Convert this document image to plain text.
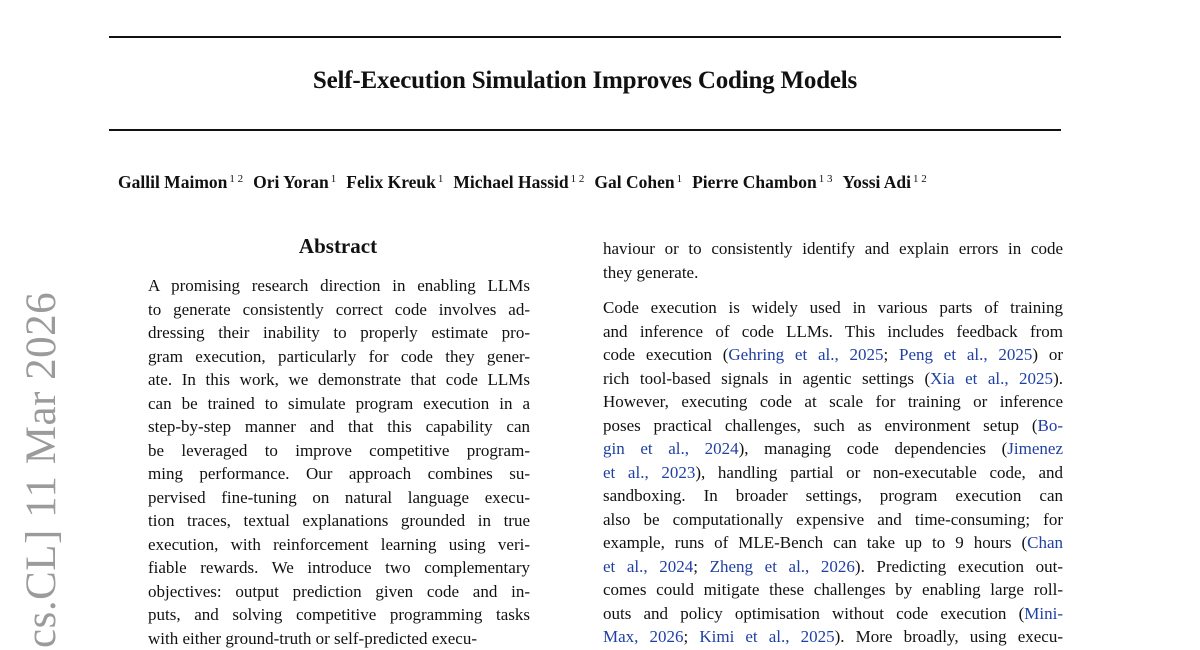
Self-Execution Simulation Improves Coding Models
Gallil Maimon $^{1 2}$ Ori Yoran $^1$ Felix Kreuk $^1$ Michael Hassid $^{1 2}$ Gal Cohen $^1$ Pierre Chambon $^{1 3}$ Yossi Adi $^{1 2}$
cs.CL] 11 Mar 2026
Abstract
A promising research direction in enabling LLMs
to generate consistently correct code involves ad-
dressing their inability to properly estimate pro-
gram execution, particularly for code they gener-
ate. In this work, we demonstrate that code LLMs
can be trained to simulate program execution in a
step-by-step manner and that this capability can
be leveraged to improve competitive program-
ming performance. Our approach combines su-
pervised fine-tuning on natural language execu-
tion traces, textual explanations grounded in true
execution, with reinforcement learning using veri-
fiable rewards. We introduce two complementary
objectives: output prediction given code and in-
puts, and solving competitive programming tasks
with either ground-truth or self-predicted execu-
haviour or to consistently identify and explain errors in code
they generate.
Code execution is widely used in various parts of training
and inference of code LLMs. This includes feedback from
code execution (Gehring et al., 2025; Peng et al., 2025) or
rich tool-based signals in agentic settings (Xia et al., 2025).
However, executing code at scale for training or inference
poses practical challenges, such as environment setup (Bo-
gin et al., 2024), managing code dependencies (Jimenez
et al., 2023), handling partial or non-executable code, and
sandboxing. In broader settings, program execution can
also be computationally expensive and time-consuming; for
example, runs of MLE-Bench can take up to 9 hours (Chan
et al., 2024; Zheng et al., 2026). Predicting execution out-
comes could mitigate these challenges by enabling large roll-
outs and policy optimisation without code execution (Mini-
Max, 2026; Kimi et al., 2025). More broadly, using execu-
